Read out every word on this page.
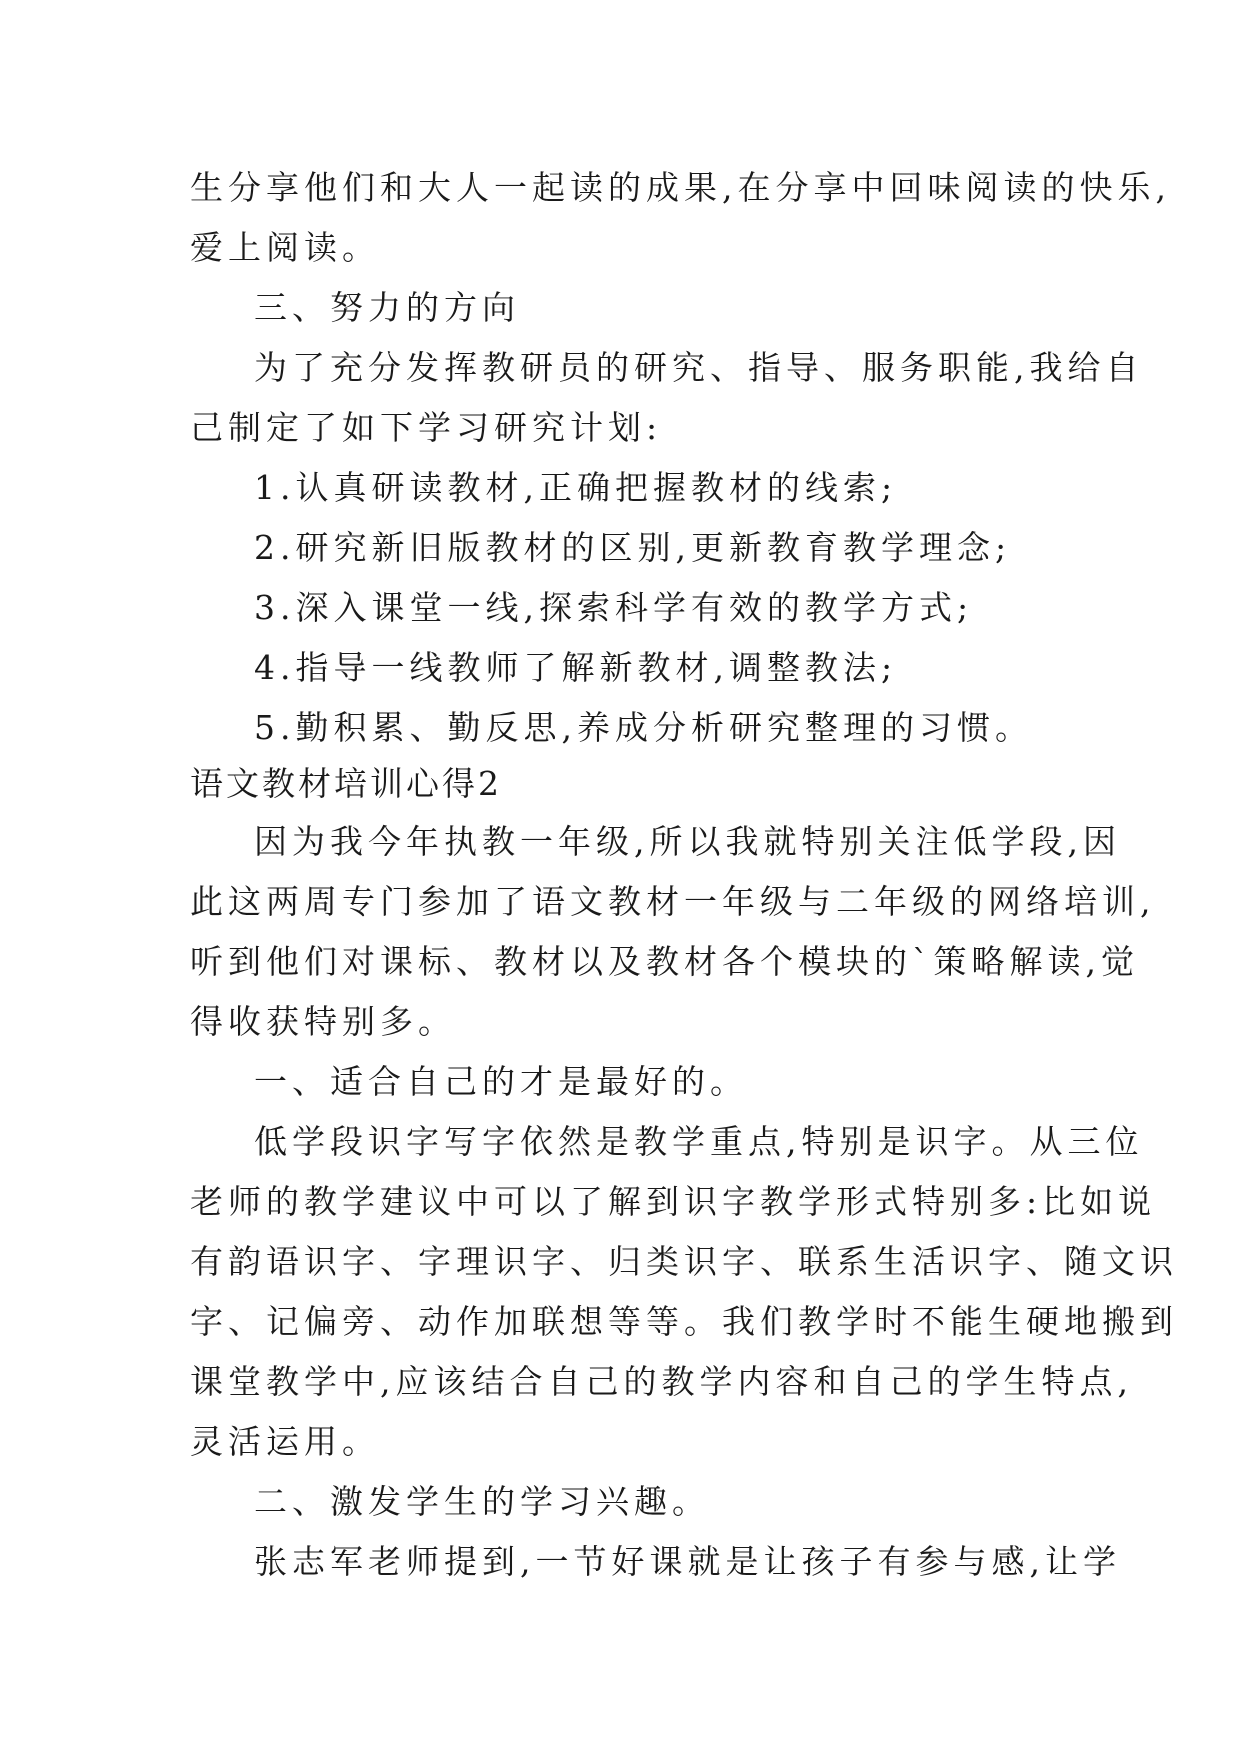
生分享他们和大人一起读的成果,在分享中回味阅读的快乐,
爱上阅读。
三、努力的方向
为了充分发挥教研员的研究、指导、服务职能,我给自
己制定了如下学习研究计划:
1.认真研读教材,正确把握教材的线索;
2.研究新旧版教材的区别,更新教育教学理念;
3.深入课堂一线,探索科学有效的教学方式;
4.指导一线教师了解新教材,调整教法;
5.勤积累、勤反思,养成分析研究整理的习惯。
语文教材培训心得2
因为我今年执教一年级,所以我就特别关注低学段,因
此这两周专门参加了语文教材一年级与二年级的网络培训,
听到他们对课标、教材以及教材各个模块的`策略解读,觉
得收获特别多。
一、适合自己的才是最好的。
低学段识字写字依然是教学重点,特别是识字。从三位
老师的教学建议中可以了解到识字教学形式特别多:比如说
有韵语识字、字理识字、归类识字、联系生活识字、随文识
字、记偏旁、动作加联想等等。我们教学时不能生硬地搬到
课堂教学中,应该结合自己的教学内容和自己的学生特点,
灵活运用。
二、激发学生的学习兴趣。
张志军老师提到,一节好课就是让孩子有参与感,让学
